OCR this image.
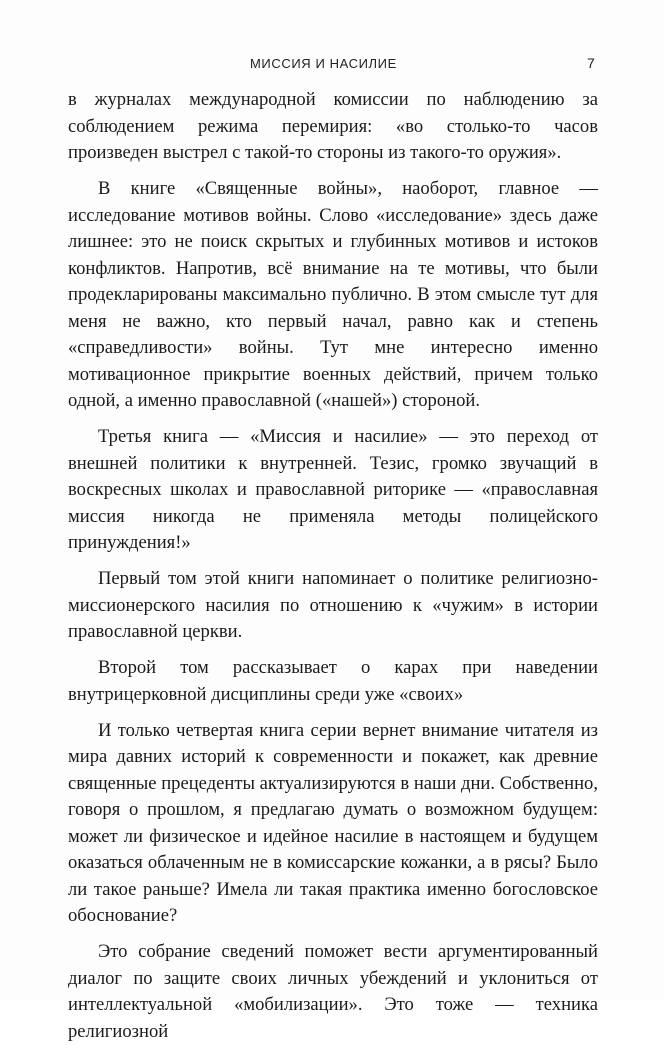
МИССИЯ И НАСИЛИЕ	7

в журналах международной комиссии по наблюдению за соблюдением режима перемирия: «во столько-то часов произведен выстрел с такой-то стороны из такого-то оружия».

В книге «Священные войны», наоборот, главное — исследование мотивов войны. Слово «исследование» здесь даже лишнее: это не поиск скрытых и глубинных мотивов и истоков конфликтов. Напротив, всё внимание на те мотивы, что были продекларированы максимально публично. В этом смысле тут для меня не важно, кто первый начал, равно как и степень «справедливости» войны. Тут мне интересно именно мотивационное прикрытие военных действий, причем только одной, а именно православной («нашей») стороной.

Третья книга — «Миссия и насилие» — это переход от внешней политики к внутренней. Тезис, громко звучащий в воскресных школах и православной риторике — «православная миссия никогда не применяла методы полицейского принуждения!»

Первый том этой книги напоминает о политике религиозно-миссионерского насилия по отношению к «чужим» в истории православной церкви.

Второй том рассказывает о карах при наведении внутрицерковной дисциплины среди уже «своих»

И только четвертая книга серии вернет внимание читателя из мира давних историй к современности и покажет, как древние священные прецеденты актуализируются в наши дни. Собственно, говоря о прошлом, я предлагаю думать о возможном будущем: может ли физическое и идейное насилие в настоящем и будущем оказаться облаченным не в комиссарские кожанки, а в рясы? Было ли такое раньше? Имела ли такая практика именно богословское обоснование?

Это собрание сведений поможет вести аргументированный диалог по защите своих личных убеждений и уклониться от интеллектуальной «мобилизации». Это тоже — техника религиозной
